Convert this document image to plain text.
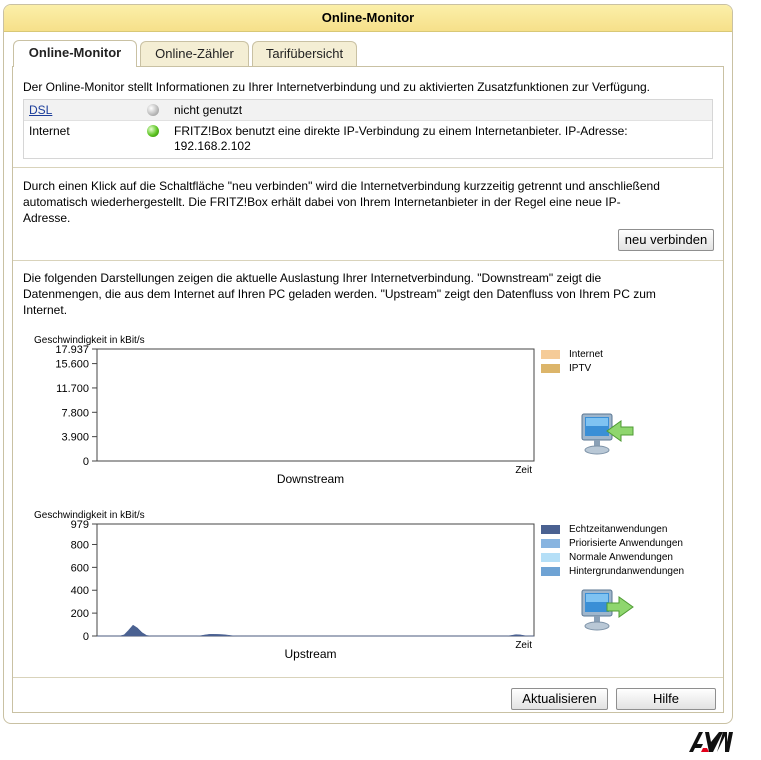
Online-Monitor
Online-Monitor	Online-Zähler	Tarifübersicht

Der Online-Monitor stellt Informationen zu Ihrer Internetverbindung und zu aktivierten Zusatzfunktionen zur Verfügung.

DSL	nicht genutzt
Internet	FRITZ!Box benutzt eine direkte IP-Verbindung zu einem Internetanbieter. IP-Adresse:
192.168.2.102

Durch einen Klick auf die Schaltfläche "neu verbinden" wird die Internetverbindung kurzzeitig getrennt und anschließend
automatisch wiederhergestellt. Die FRITZ!Box erhält dabei von Ihrem Internetanbieter in der Regel eine neue IP-
Adresse.

neu verbinden

Die folgenden Darstellungen zeigen die aktuelle Auslastung Ihrer Internetverbindung. "Downstream" zeigt die
Datenmengen, die aus dem Internet auf Ihren PC geladen werden. "Upstream" zeigt den Datenfluss von Ihrem PC zum
Internet.

Geschwindigkeit in kBit/s
0
3.900
7.800
11.700
15.600
17.937
Zeit
Downstream
Internet
IPTV
Geschwindigkeit in kBit/s
0
200
400
600
800
979
Zeit
Upstream
Echtzeitanwendungen
Priorisierte Anwendungen
Normale Anwendungen
Hintergrundanwendungen
Aktualisieren	Hilfe
